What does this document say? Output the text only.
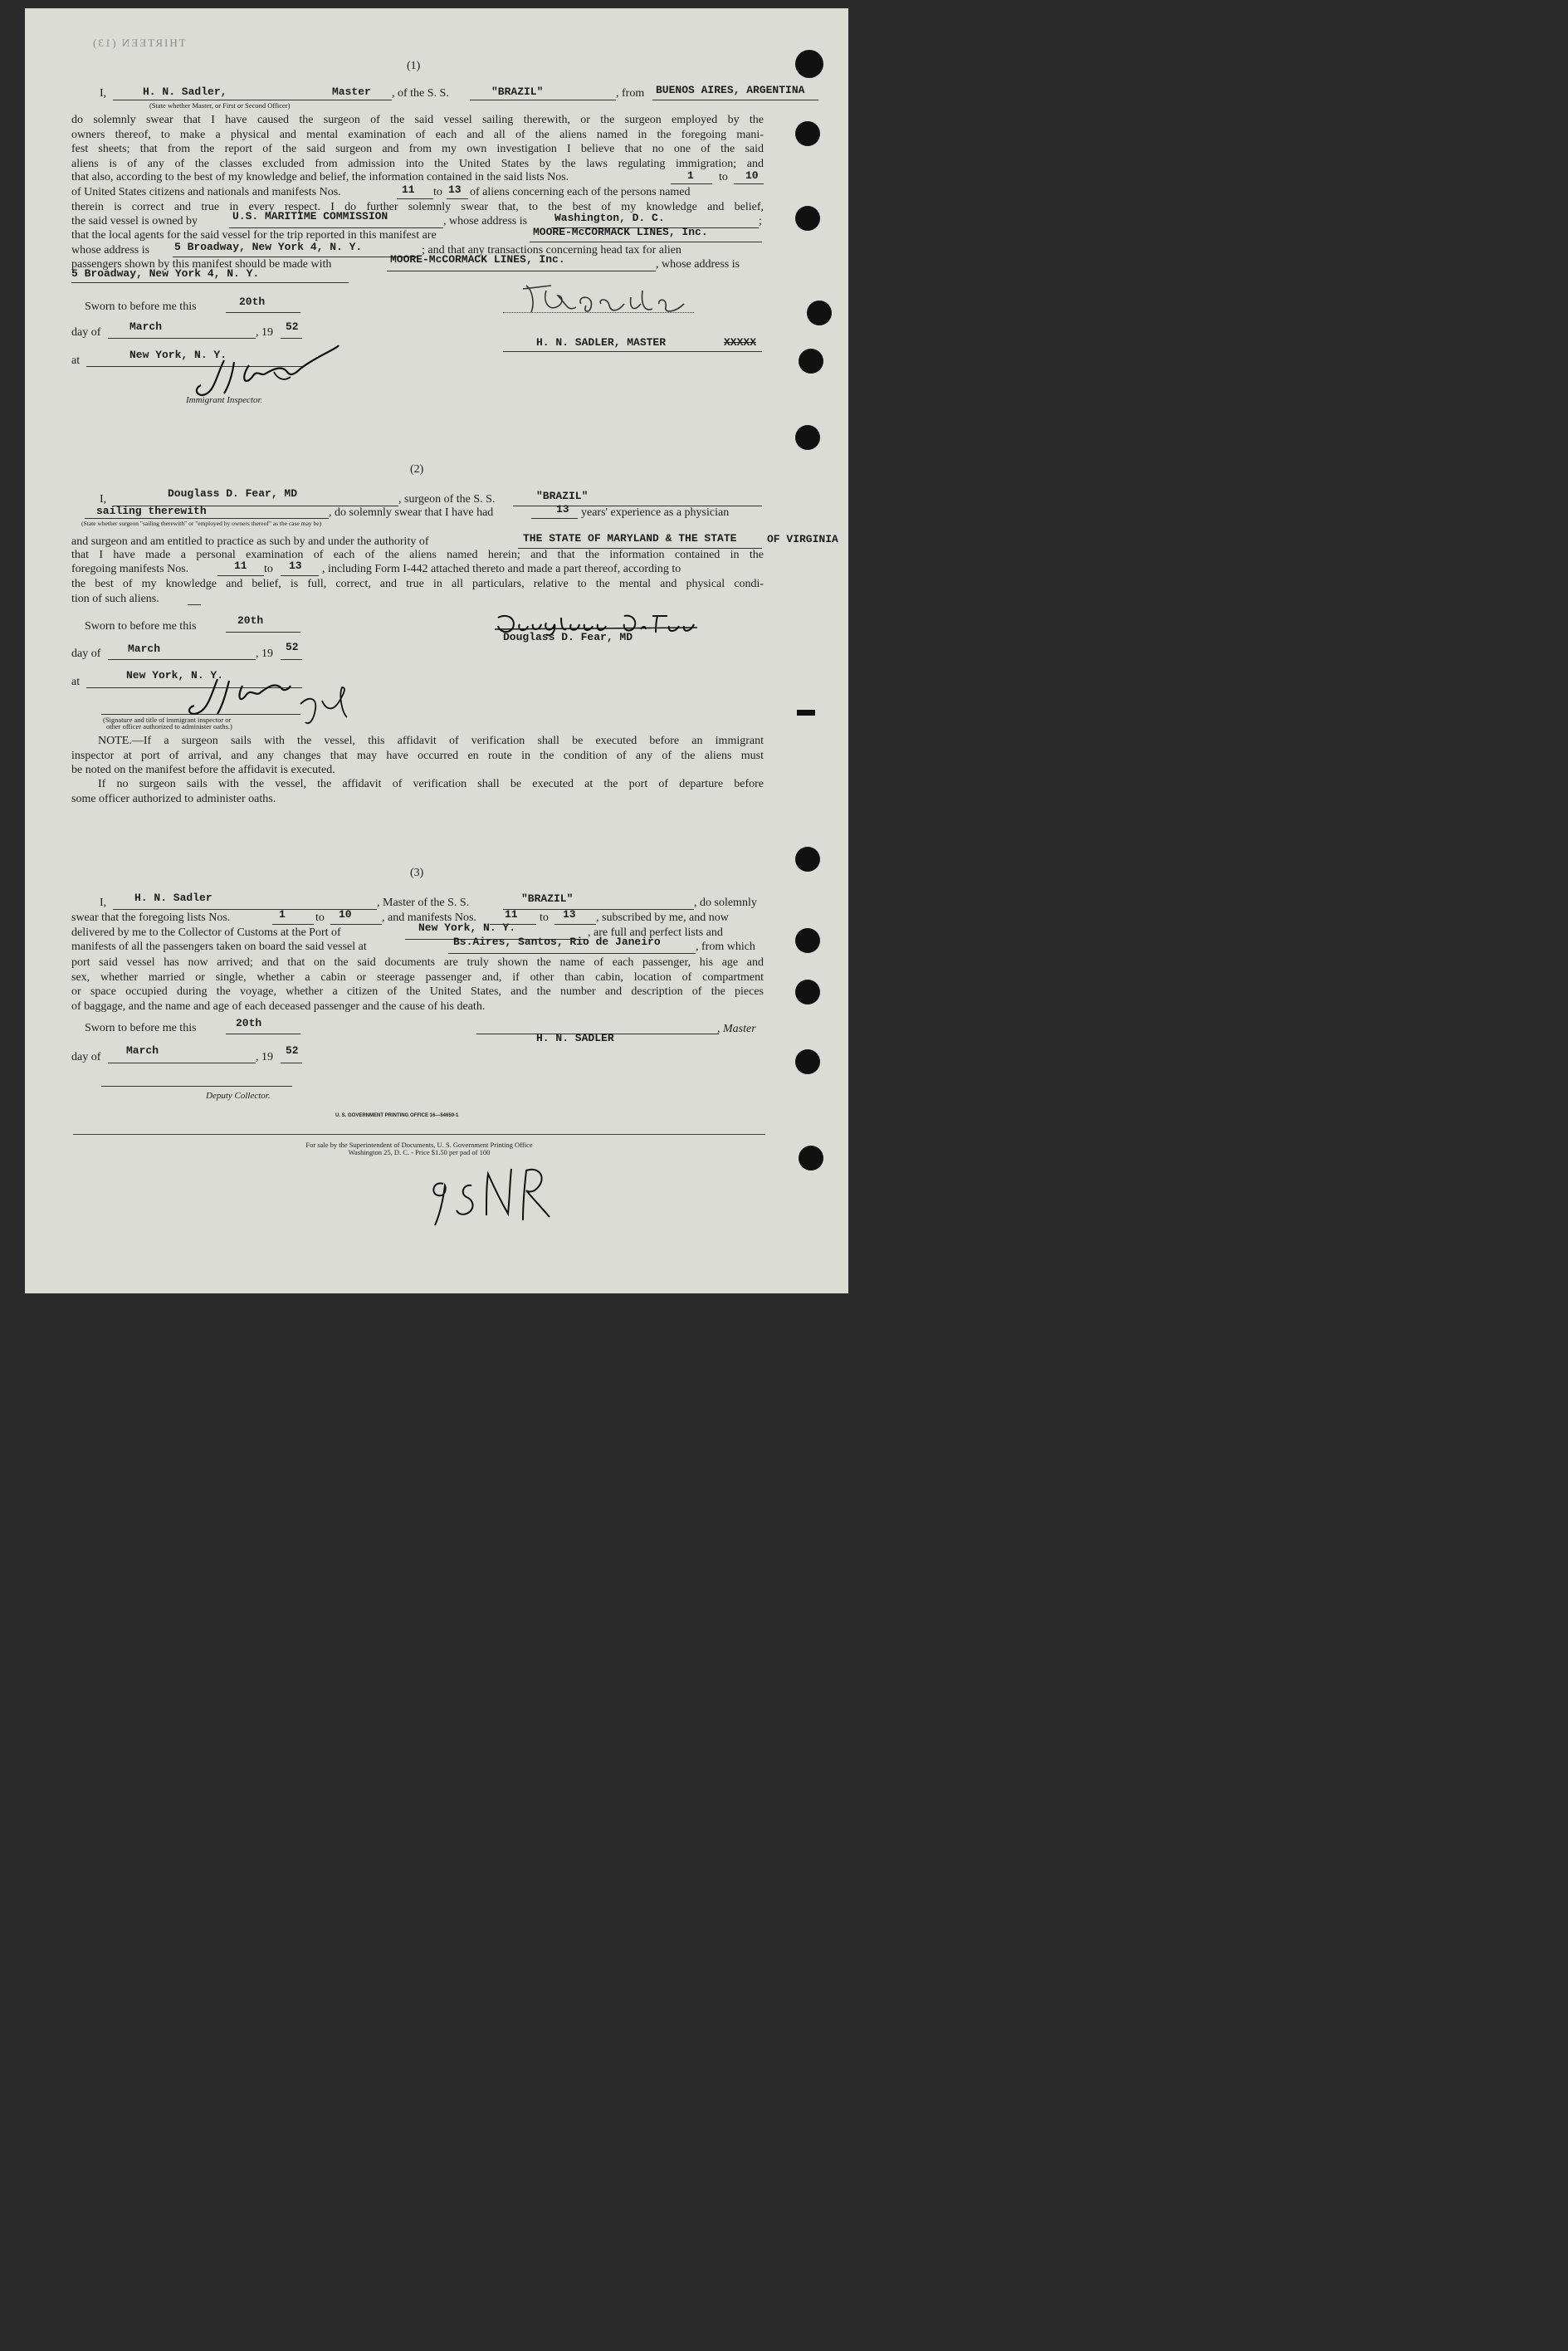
THIRTEEN (13)
(1)
I,	H. N. Sadler,	Master , of the S. S.	"BRAZIL"	, from BUENOS AIRES, ARGENTINA
(State whether Master, or First or Second Officer)
do solemnly swear that I have caused the surgeon of the said vessel sailing therewith, or the surgeon employed by the
owners thereof, to make a physical and mental examination of each and all of the aliens named in the foregoing mani-
fest sheets; that from the report of the said surgeon and from my own investigation I believe that no one of the said
aliens is of any of the classes excluded from admission into the United States by the laws regulating immigration; and
that also, according to the best of my knowledge and belief, the information contained in the said lists Nos.	1 to 10
of United States citizens and nationals and manifests Nos.	11 to 13 of aliens concerning each of the persons named
therein is correct and true in every respect. I do further solemnly swear that, to the best of my knowledge and belief,
the said vessel is owned by	U.S. MARITIME COMMISSION	, whose address is	Washington, D. C.	;
that the local agents for the said vessel for the trip reported in this manifest are	MOORE-McCORMACK LINES, Inc.
whose address is 5 Broadway, New York 4, N. Y.	; and that any transactions concerning head tax for alien
passengers shown by this manifest should be made with	MOORE-McCORMACK LINES, Inc.	, whose address is
5 Broadway, New York 4, N. Y.
Sworn to before me this	20th
day of	March	, 19 52
at	New York, N. Y.
Immigrant Inspector.
H. N. SADLER, MASTER	XXXXX
(2)
I,	Douglass D. Fear, MD	, surgeon of the S. S.	"BRAZIL"
sailing therewith	, do solemnly swear that I have had	13 years' experience as a physician
(State whether surgeon "sailing therewith" or "employed by owners thereof" as the case may be)
and surgeon and am entitled to practice as such by and under the authority of	THE STATE OF MARYLAND & THE STATE	OF VIRGINIA
that I have made a personal examination of each of the aliens named herein; and that the information contained in the
foregoing manifests Nos.	11 to 13 , including Form I-442 attached thereto and made a part thereof, according to
the best of my knowledge and belief, is full, correct, and true in all particulars, relative to the mental and physical condi-
tion of such aliens.
Sworn to before me this	20th
day of	March	, 19
52
at
New York, N. Y.
(Signature and title of immigrant inspector or
other officer authorized to administer oaths.)
Douglass D. Fear, MD
NOTE.—If a surgeon sails with the vessel, this affidavit of verification shall be executed before an immigrant
inspector at port of arrival, and any changes that may have occurred en route in the condition of any of the aliens must
be noted on the manifest before the affidavit is executed.
If no surgeon sails with the vessel, the affidavit of verification shall be executed at the port of departure before
some officer authorized to administer oaths.
(3)
I,	H. N. Sadler	, Master of the S. S.	"BRAZIL"	, do solemnly
swear that the foregoing lists Nos.	1	to 10	, and manifests Nos.	11 to 13 , subscribed by me, and now
delivered by me to the Collector of Customs at the Port of	New York, N. Y.	, are full and perfect lists and
manifests of all the passengers taken on board the said vessel at	Bs.Aires, Santos, Rio de Janeiro	, from which
port said vessel has now arrived; and that on the said documents are truly shown the name of each passenger, his age and
sex, whether married or single, whether a cabin or steerage passenger and, if other than cabin, location of compartment
or space occupied during the voyage, whether a citizen of the United States, and the number and description of the pieces
of baggage, and the name and age of each deceased passenger and the cause of his death.
Sworn to before me this	20th
day of
March
, 19
52
Deputy Collector.
H. N. SADLER
, Master
U. S. GOVERNMENT PRINTING OFFICE 16—54650-1
For sale by the Superintendent of Documents, U. S. Government Printing Office
Washington 25, D. C. - Price $1.50 per pad of 100
